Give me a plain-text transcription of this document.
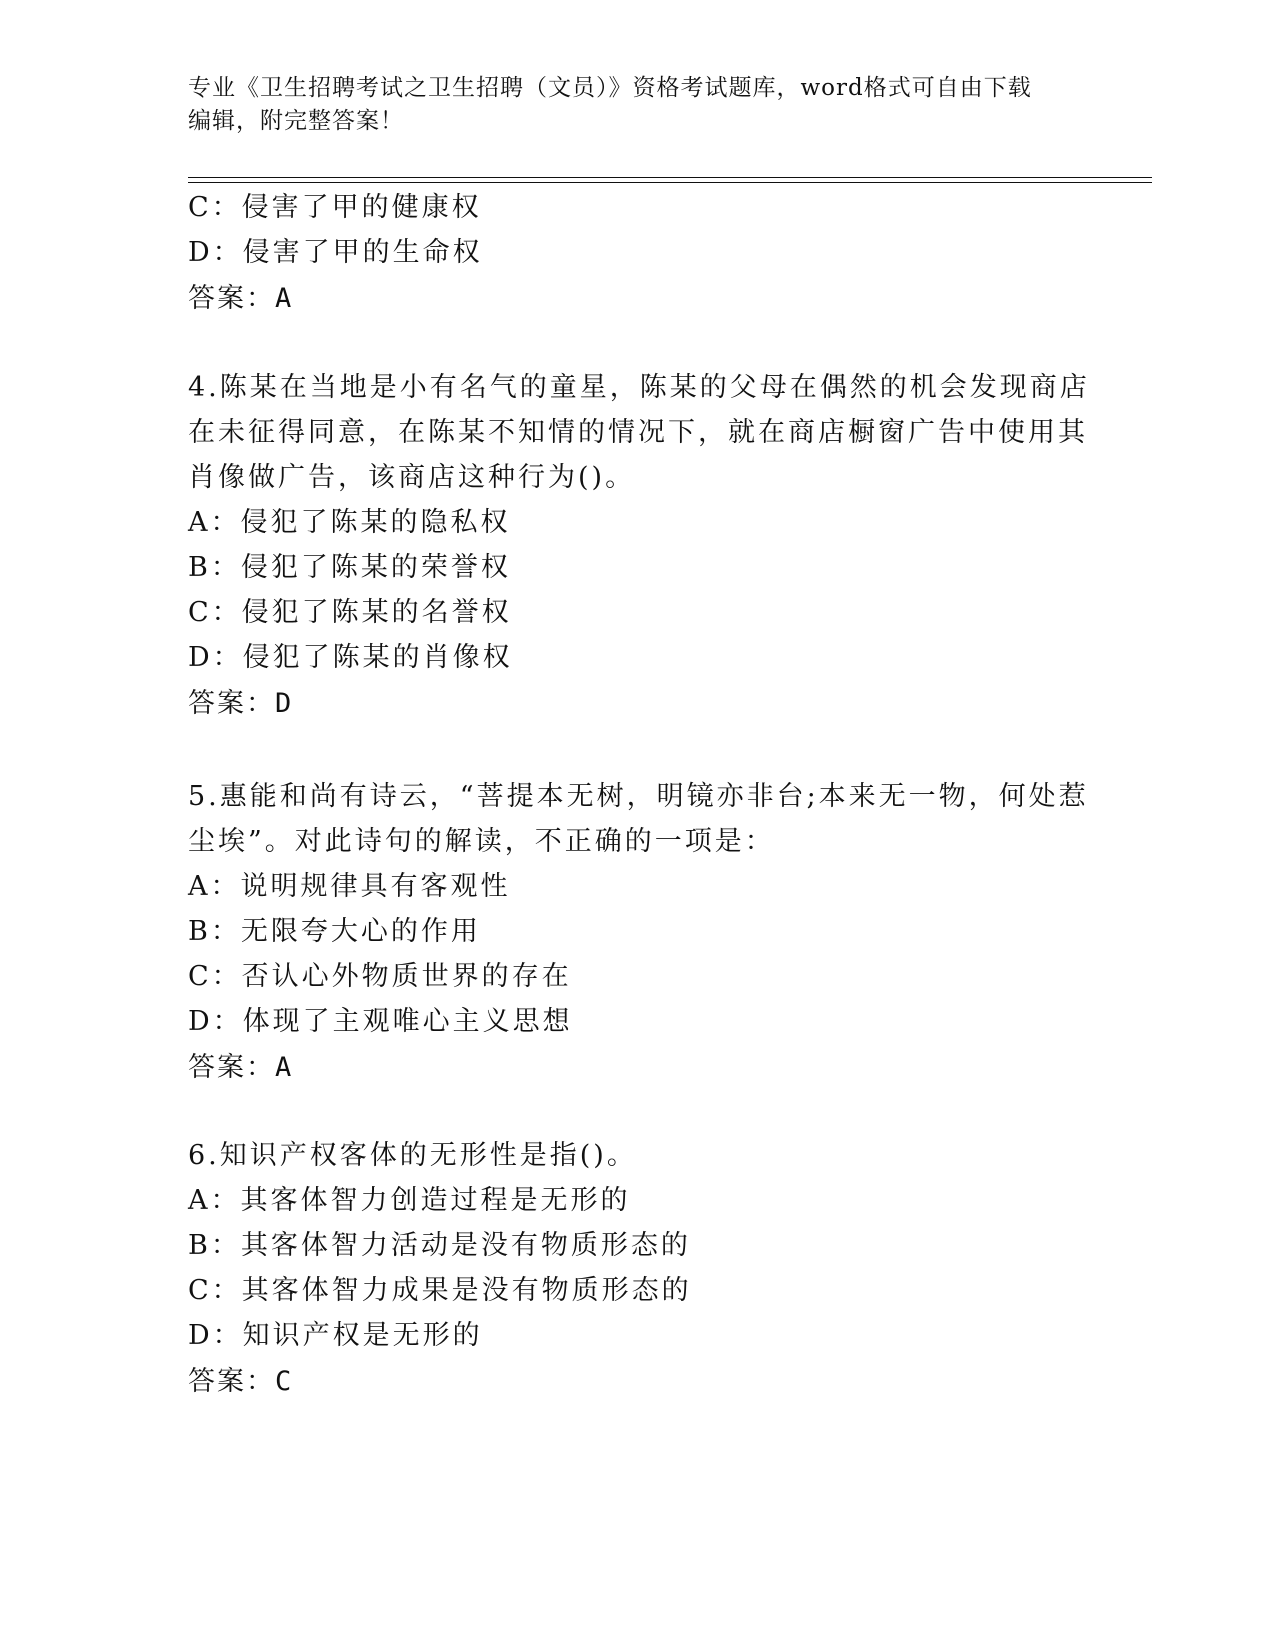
专业《卫生招聘考试之卫生招聘（文员）》资格考试题库，word格式可自由下载
编辑，附完整答案！
C：侵害了甲的健康权
D：侵害了甲的生命权
答案：A
4.陈某在当地是小有名气的童星，陈某的父母在偶然的机会发现商店
在未征得同意，在陈某不知情的情况下，就在商店橱窗广告中使用其
肖像做广告，该商店这种行为()。
A：侵犯了陈某的隐私权
B：侵犯了陈某的荣誉权
C：侵犯了陈某的名誉权
D：侵犯了陈某的肖像权
答案：D
5.惠能和尚有诗云，“菩提本无树，明镜亦非台;本来无一物，何处惹
尘埃”。对此诗句的解读，不正确的一项是：
A：说明规律具有客观性
B：无限夸大心的作用
C：否认心外物质世界的存在
D：体现了主观唯心主义思想
答案：A
6.知识产权客体的无形性是指()。
A：其客体智力创造过程是无形的
B：其客体智力活动是没有物质形态的
C：其客体智力成果是没有物质形态的
D：知识产权是无形的
答案：C
